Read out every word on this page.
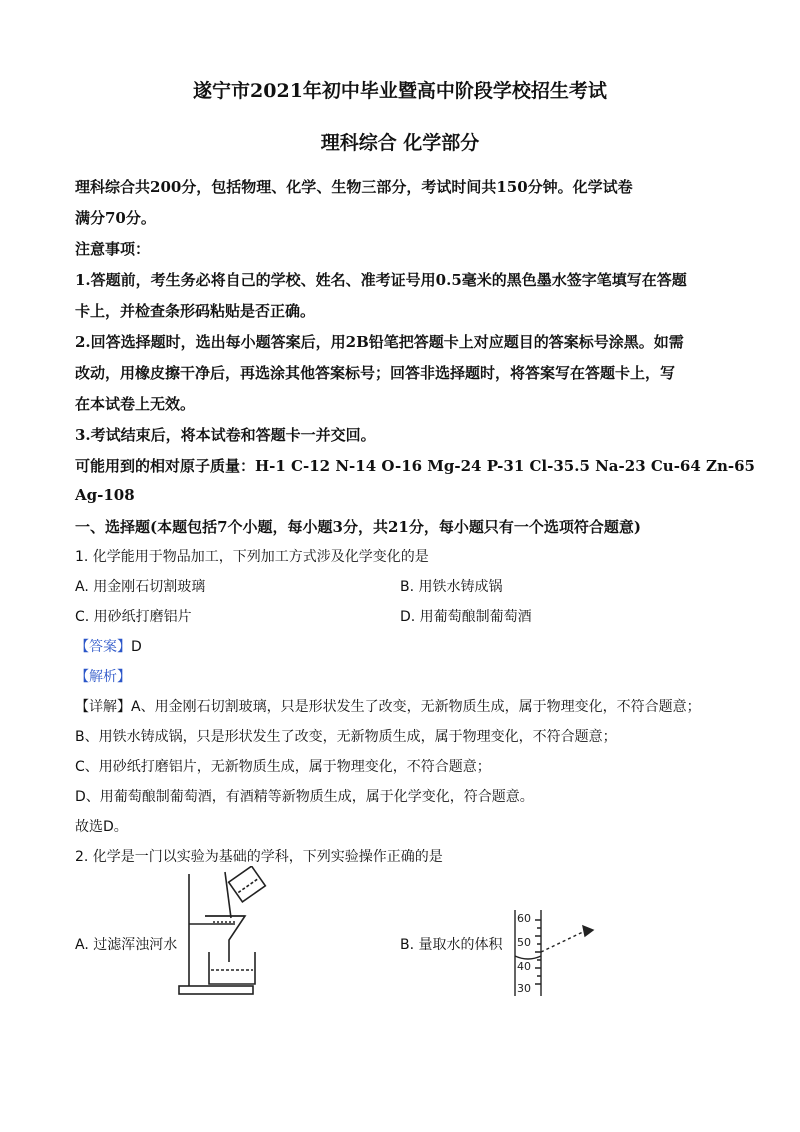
遂宁市2021年初中毕业暨高中阶段学校招生考试
理科综合 化学部分
理科综合共200分，包括物理、化学、生物三部分，考试时间共150分钟。化学试卷
满分70分。
注意事项：
1.答题前，考生务必将自己的学校、姓名、准考证号用0.5毫米的黑色墨水签字笔填写在答题
卡上，并检查条形码粘贴是否正确。
2.回答选择题时，选出每小题答案后，用2B铅笔把答题卡上对应题目的答案标号涂黑。如需
改动，用橡皮擦干净后，再选涂其他答案标号；回答非选择题时，将答案写在答题卡上，写
在本试卷上无效。
3.考试结束后，将本试卷和答题卡一并交回。
可能用到的相对原子质量：H-1 C-12 N-14 O-16 Mg-24 P-31 Cl-35.5 Na-23 Cu-64 Zn-65
Ag-108
一、选择题(本题包括7个小题，每小题3分，共21分，每小题只有一个选项符合题意)
1. 化学能用于物品加工，下列加工方式涉及化学变化的是
A. 用金刚石切割玻璃	B. 用铁水铸成锅
C. 用砂纸打磨铝片	D. 用葡萄酿制葡萄酒
【答案】D
【解析】
【详解】A、用金刚石切割玻璃，只是形状发生了改变，无新物质生成，属于物理变化，不符合题意；
B、用铁水铸成锅，只是形状发生了改变，无新物质生成，属于物理变化，不符合题意；
C、用砂纸打磨铝片，无新物质生成，属于物理变化，不符合题意；
D、用葡萄酿制葡萄酒，有酒精等新物质生成，属于化学变化，符合题意。
故选D。
2. 化学是一门以实验为基础的学科，下列实验操作正确的是
A. 过滤浑浊河水
60
50
40
30
B. 量取水的体积
